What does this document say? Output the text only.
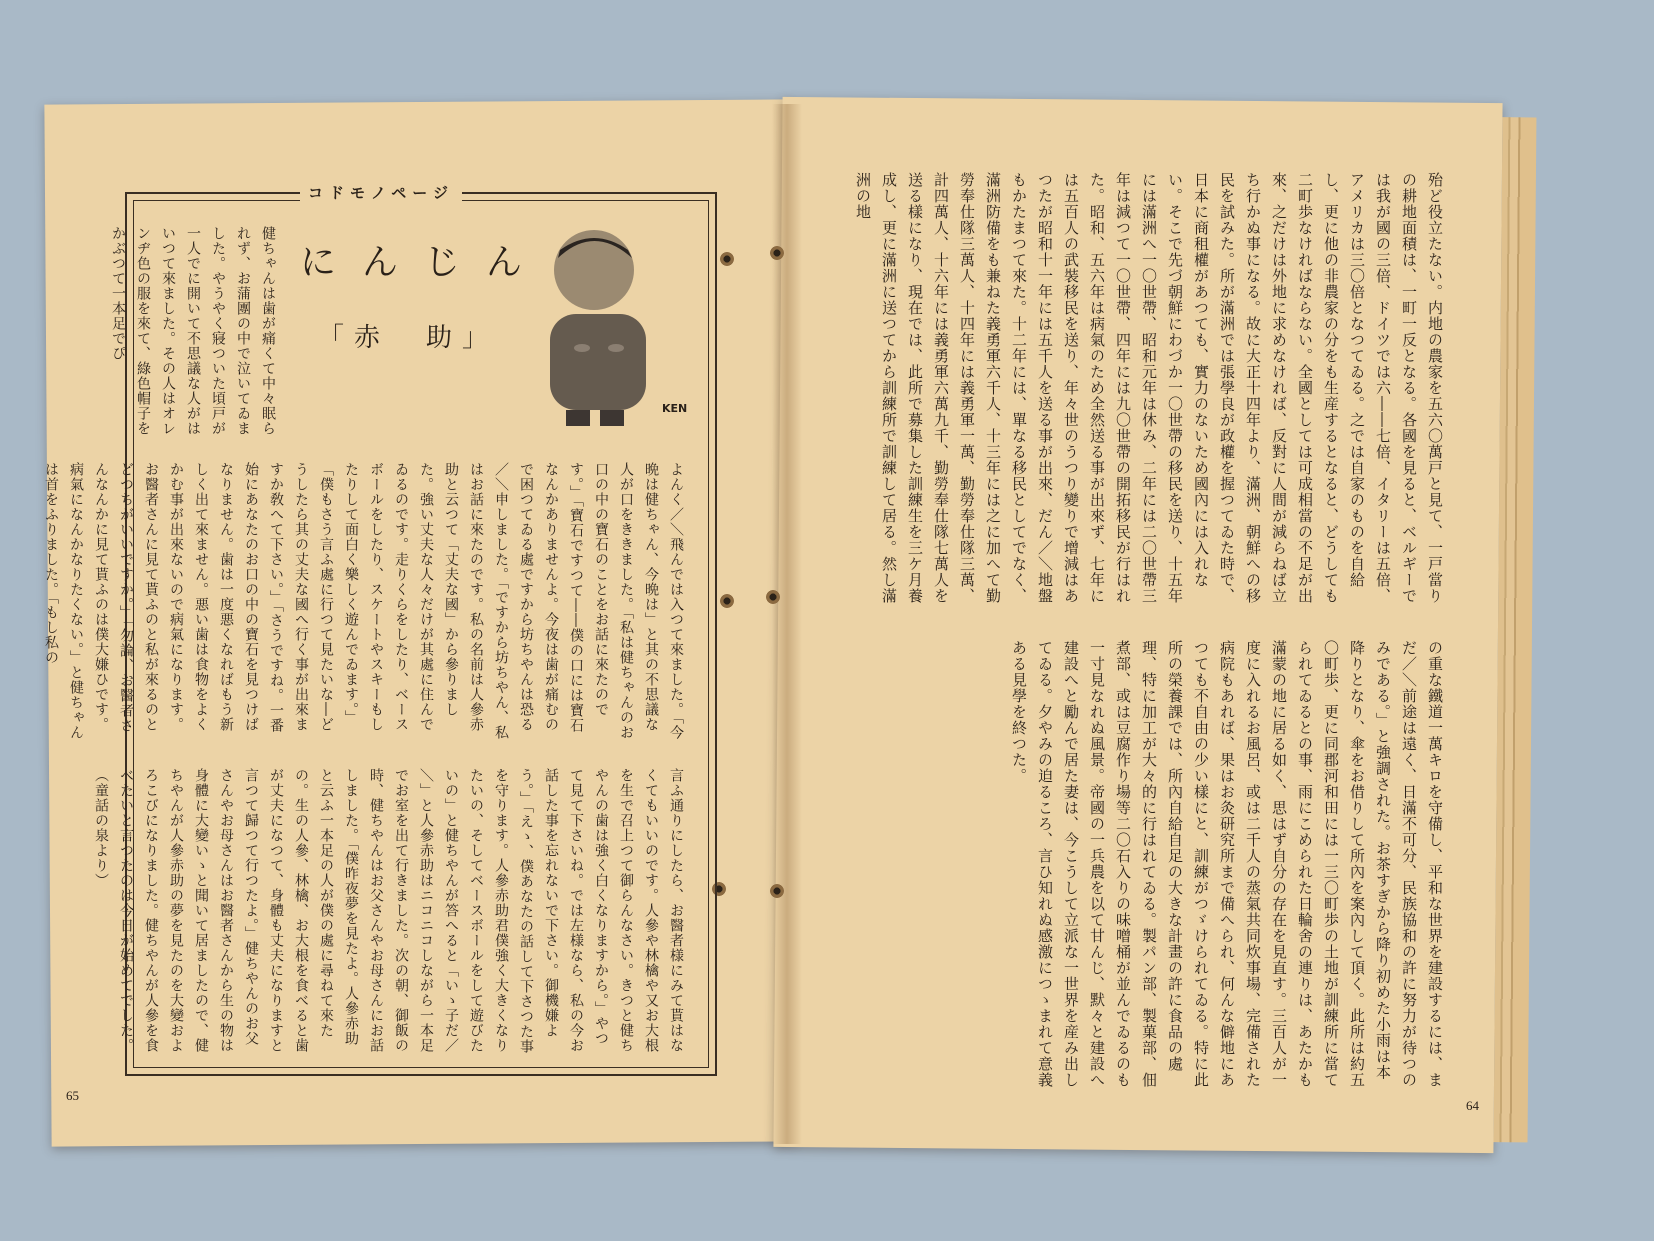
コドモノページ
KEN
にんじん
「赤　助」
健ちゃんは歯が痛くて中々眠られず、お蒲團の中で泣いてゐました。やうやく寢ついた頃戸が一人でに開いて不思議な人がはいつて來ました。その人はオレンヂ色の服を來て、綠色帽子をかぶつて一本足でぴ
よんく／＼飛んでは入つて來ました。「今晩は健ちゃん、今晩は」と其の不思議な人が口をききました。「私は健ちゃんのお口の中の寶石のことをお話に來たのです。」「寶石ですつて――僕の口には寶石なんかありませんよ。今夜は歯が痛むので困つてゐる處ですから坊ちやんは恐る／＼申しました。「ですから坊ちやん、私はお話に來たのです。私の名前は人參赤助と云つて「丈夫な國」から參りました。強い丈夫な人々だけが其處に住んでゐるのです。走りくらをしたり、ベースボールをしたり、スケートやスキーもしたりして面白く樂しく遊んでゐます。」「僕もさう言ふ處に行つて見たいな―どうしたら其の丈夫な國へ行く事が出來ますか敎へて下さい。」「さうですね。一番始にあなたのお口の中の寶石を見つけばなりません。歯は一度悪くなればもう新しく出て來ません。悪い歯は食物をよくかむ事が出來ないので病氣になります。お醫者さんに見て貰ふのと私が來るのとどつちがいいですか。」「勿論、お醫者さんなんかに見て貰ふのは僕大嫌ひです。病氣になんかなりたくない。」と健ちゃんは首をふりました。「もし私の
言ふ通りにしたら、お醫者様にみて貰はなくてもいいのです。人參や林檎や又お大根を生で召上つて御らんなさい。きつと健ちやんの歯は強く白くなりますから。」やつて見て下さいね。では左様なら、私の今お話した事を忘れないで下さい。御機嫌よう。」「えゝ、僕あなたの話して下さつた事を守ります。人參赤助君僕強く大きくなりたいの、そしてベースボールをして遊びたいの」と健ちやんが答へると「いゝ子だ／＼」と人參赤助はニコニコしながら一本足でお室を出て行きました。次の朝、御飯の時、健ちやんはお父さんやお母さんにお話しました。「僕昨夜夢を見たよ。人參赤助と云ふ一本足の人が僕の處に尋ねて來たの。生の人參、林檎、お大根を食べると歯が丈夫になつて、身體も丈夫になりますと言つて歸つて行つたよ。」健ちやんのお父さんやお母さんはお醫者さんから生の物は身體に大變いゝと聞いて居ましたので、健ちやんが人參赤助の夢を見たのを大變およろこびになりました。健ちやんが人參を食べたいと言つたのは今日が始めてでした。（童話の泉より）
65
殆ど役立たない。内地の農家を五六〇萬戸と見て、一戸當りの耕地面積は、一町一反となる。各國を見ると、ベルギーでは我が國の三倍、ドイツでは六――七倍、イタリーは五倍、アメリカは三〇倍となつてゐる。之では自家のものを自給し、更に他の非農家の分をも生産するとなると、どうしても二町歩なければならない。全國としては可成相當の不足が出來、之だけは外地に求めなければ、反對に人間が減らねば立ち行かぬ事になる。故に大正十四年より、滿洲、朝鮮への移民を試みた。所が滿洲では張學良が政權を握つてゐた時で、日本に商租權があつても、實力のないため國內には入れない。そこで先づ朝鮮にわづか一〇世帶の移民を送り、十五年には滿洲へ一〇世帶、昭和元年は休み、二年には二〇世帶三年は減つて一〇世帶、四年には九〇世帶の開拓移民が行はれた。昭和、五六年は病氣のため全然送る事が出來ず、七年には五百人の武裝移民を送り、年々世のうつり變りで增減はあつたが昭和十一年には五千人を送る事が出來、だん／＼地盤もかたまつて來た。十二年には、單なる移民としてでなく、滿洲防備をも兼ねた義勇軍六千人、十三年には之に加へて勤勞奉仕隊三萬人、十四年には義勇軍一萬、勤勞奉仕隊三萬、計四萬人、十六年には義勇軍六萬九千、勤勞奉仕隊七萬人を送る樣になり、現在では、此所で募集した訓練生を三ケ月養成し、更に滿洲に送つてから訓練所で訓練して居る。然し滿洲の地
の重な鐵道一萬キロを守備し、平和な世界を建設するには、まだ／＼前途は遠く、日滿不可分、民族協和の許に努力が待つのみである。」と強調された。お茶すぎから降り初めた小雨は本降りとなり、傘をお借りして所內を案內して頂く。此所は約五〇町歩、更に同郡河和田には一三〇町歩の土地が訓練所に當てられてゐるとの事、雨にこめられた日輪舍の連りは、あたかも滿蒙の地に居る如く、思はず自分の存在を見直す。三百人が一度に入れるお風呂、或は二千人の蒸氣共同炊事場、完備された病院もあれば、果はお灸研究所まで備へられ、何んな僻地にあつても不自由の少い樣にと、訓練がつゞけられてゐる。特に此所の榮養課では、所內自給自足の大きな計畫の許に食品の處理、特に加工が大々的に行はれてゐる。製パン部、製菓部、佃煮部、或は豆腐作り場等二〇石入りの味噌桶が並んでゐるのも一寸見なれぬ風景。帝國の一兵農を以て甘んじ、默々と建設へ建設へと勵んで居た妻は、今こうして立派な一世界を産み出してゐる。夕やみの迫るころ、言ひ知れぬ感激につゝまれて意義ある見學を終つた。
64
